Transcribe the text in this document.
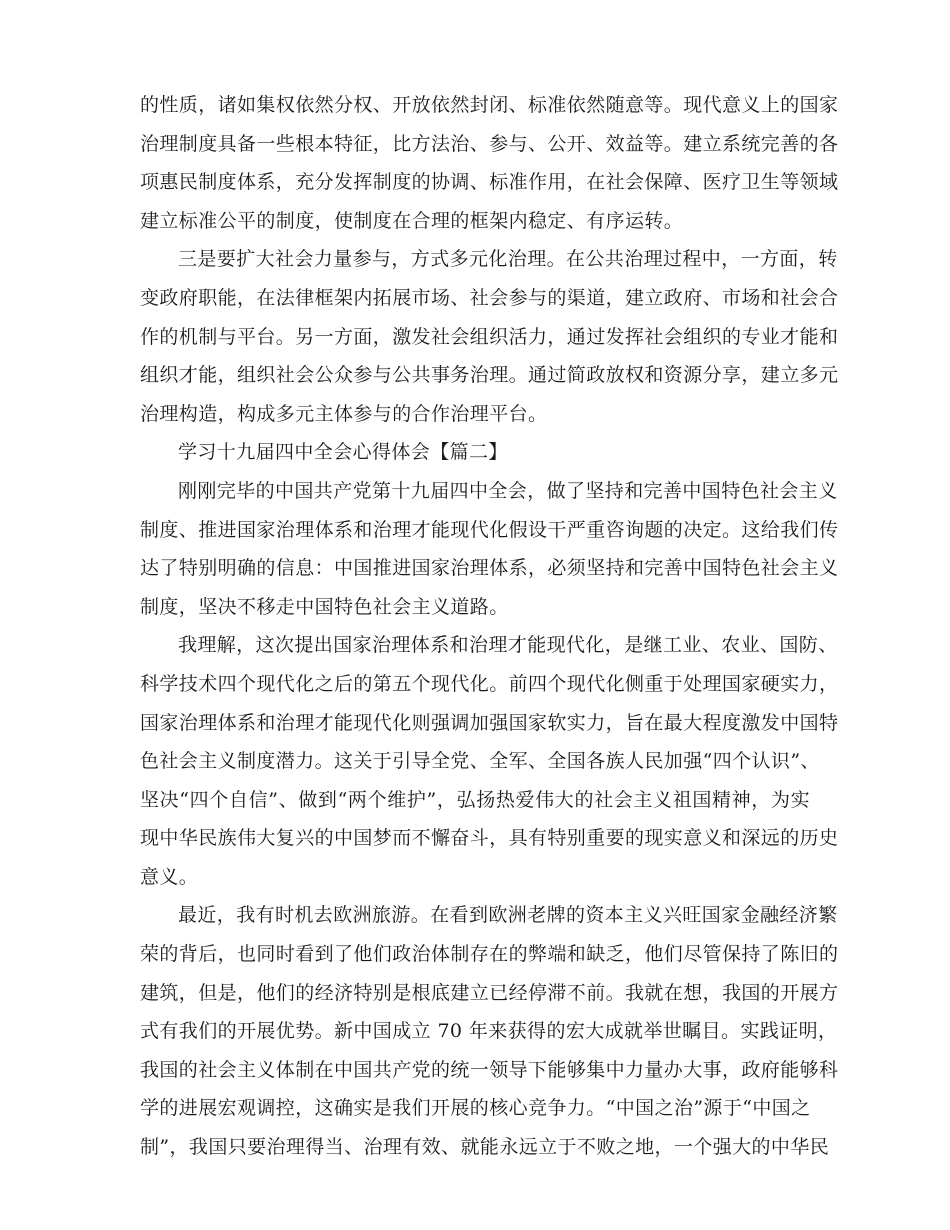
的性质，诸如集权依然分权、开放依然封闭、标准依然随意等。现代意义上的国家
治理制度具备一些根本特征，比方法治、参与、公开、效益等。建立系统完善的各
项惠民制度体系，充分发挥制度的协调、标准作用，在社会保障、医疗卫生等领域
建立标准公平的制度，使制度在合理的框架内稳定、有序运转。
三是要扩大社会力量参与，方式多元化治理。在公共治理过程中，一方面，转
变政府职能，在法律框架内拓展市场、社会参与的渠道，建立政府、市场和社会合
作的机制与平台。另一方面，激发社会组织活力，通过发挥社会组织的专业才能和
组织才能，组织社会公众参与公共事务治理。通过简政放权和资源分享，建立多元
治理构造，构成多元主体参与的合作治理平台。
学习十九届四中全会心得体会【篇二】
刚刚完毕的中国共产党第十九届四中全会，做了坚持和完善中国特色社会主义
制度、推进国家治理体系和治理才能现代化假设干严重咨询题的决定。这给我们传
达了特别明确的信息：中国推进国家治理体系，必须坚持和完善中国特色社会主义
制度，坚决不移走中国特色社会主义道路。
我理解，这次提出国家治理体系和治理才能现代化，是继工业、农业、国防、
科学技术四个现代化之后的第五个现代化。前四个现代化侧重于处理国家硬实力，
国家治理体系和治理才能现代化则强调加强国家软实力，旨在最大程度激发中国特
色社会主义制度潜力。这关于引导全党、全军、全国各族人民加强“四个认识”、
坚决“四个自信”、做到“两个维护”，弘扬热爱伟大的社会主义祖国精神，为实
现中华民族伟大复兴的中国梦而不懈奋斗，具有特别重要的现实意义和深远的历史
意义。
最近，我有时机去欧洲旅游。在看到欧洲老牌的资本主义兴旺国家金融经济繁
荣的背后，也同时看到了他们政治体制存在的弊端和缺乏，他们尽管保持了陈旧的
建筑，但是，他们的经济特别是根底建立已经停滞不前。我就在想，我国的开展方
式有我们的开展优势。新中国成立 70 年来获得的宏大成就举世瞩目。实践证明，
我国的社会主义体制在中国共产党的统一领导下能够集中力量办大事，政府能够科
学的进展宏观调控，这确实是我们开展的核心竞争力。“中国之治”源于“中国之
制”，我国只要治理得当、治理有效、就能永远立于不败之地，一个强大的中华民
